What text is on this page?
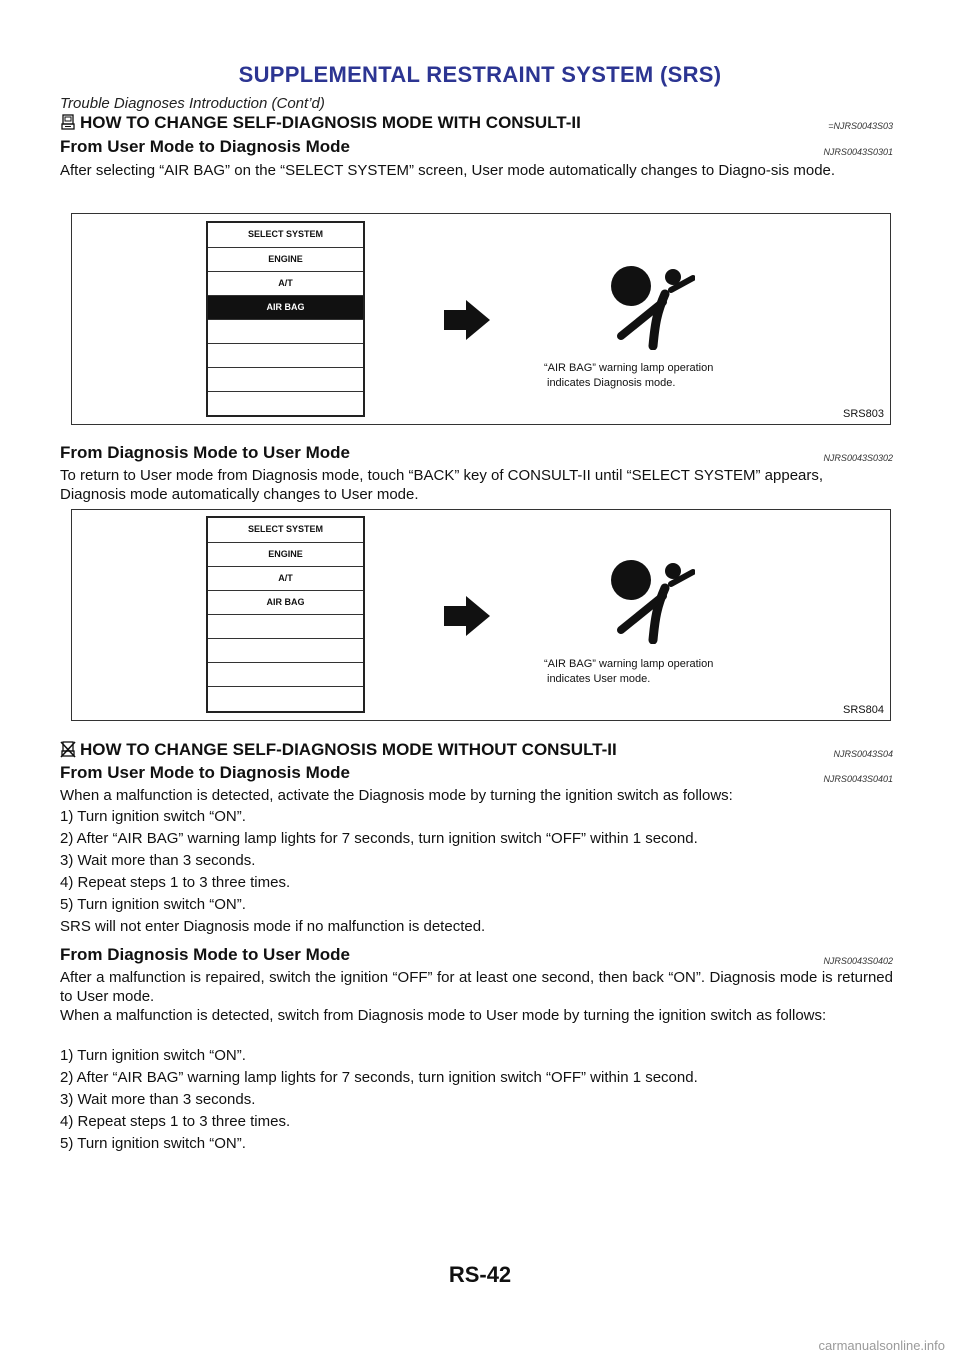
SUPPLEMENTAL RESTRAINT SYSTEM (SRS)
Trouble Diagnoses Introduction (Cont’d)
HOW TO CHANGE SELF-DIAGNOSIS MODE WITH CONSULT-II	=NJRS0043S03
From User Mode to Diagnosis Mode	NJRS0043S0301
After selecting “AIR BAG” on the “SELECT SYSTEM” screen, User mode automatically changes to Diagno-sis mode.
SELECT SYSTEM
ENGINE
A/T
AIR BAG
“AIR BAG” warning lamp operation
indicates Diagnosis mode.
SRS803
From Diagnosis Mode to User Mode	NJRS0043S0302
To return to User mode from Diagnosis mode, touch “BACK” key of CONSULT-II until “SELECT SYSTEM” appears, Diagnosis mode automatically changes to User mode.
SELECT SYSTEM
ENGINE
A/T
AIR BAG
“AIR BAG” warning lamp operation
indicates User mode.
SRS804
HOW TO CHANGE SELF-DIAGNOSIS MODE WITHOUT CONSULT-II	NJRS0043S04
From User Mode to Diagnosis Mode	NJRS0043S0401
When a malfunction is detected, activate the Diagnosis mode by turning the ignition switch as follows:
1) Turn ignition switch “ON”.
2) After “AIR BAG” warning lamp lights for 7 seconds, turn ignition switch “OFF” within 1 second.
3) Wait more than 3 seconds.
4) Repeat steps 1 to 3 three times.
5) Turn ignition switch “ON”.
SRS will not enter Diagnosis mode if no malfunction is detected.
From Diagnosis Mode to User Mode	NJRS0043S0402
After a malfunction is repaired, switch the ignition “OFF” for at least one second, then back “ON”. Diagnosis mode is returned to User mode.
When a malfunction is detected, switch from Diagnosis mode to User mode by turning the ignition switch as follows:
1) Turn ignition switch “ON”.
2) After “AIR BAG” warning lamp lights for 7 seconds, turn ignition switch “OFF” within 1 second.
3) Wait more than 3 seconds.
4) Repeat steps 1 to 3 three times.
5) Turn ignition switch “ON”.
RS-42
carmanualsonline.info
